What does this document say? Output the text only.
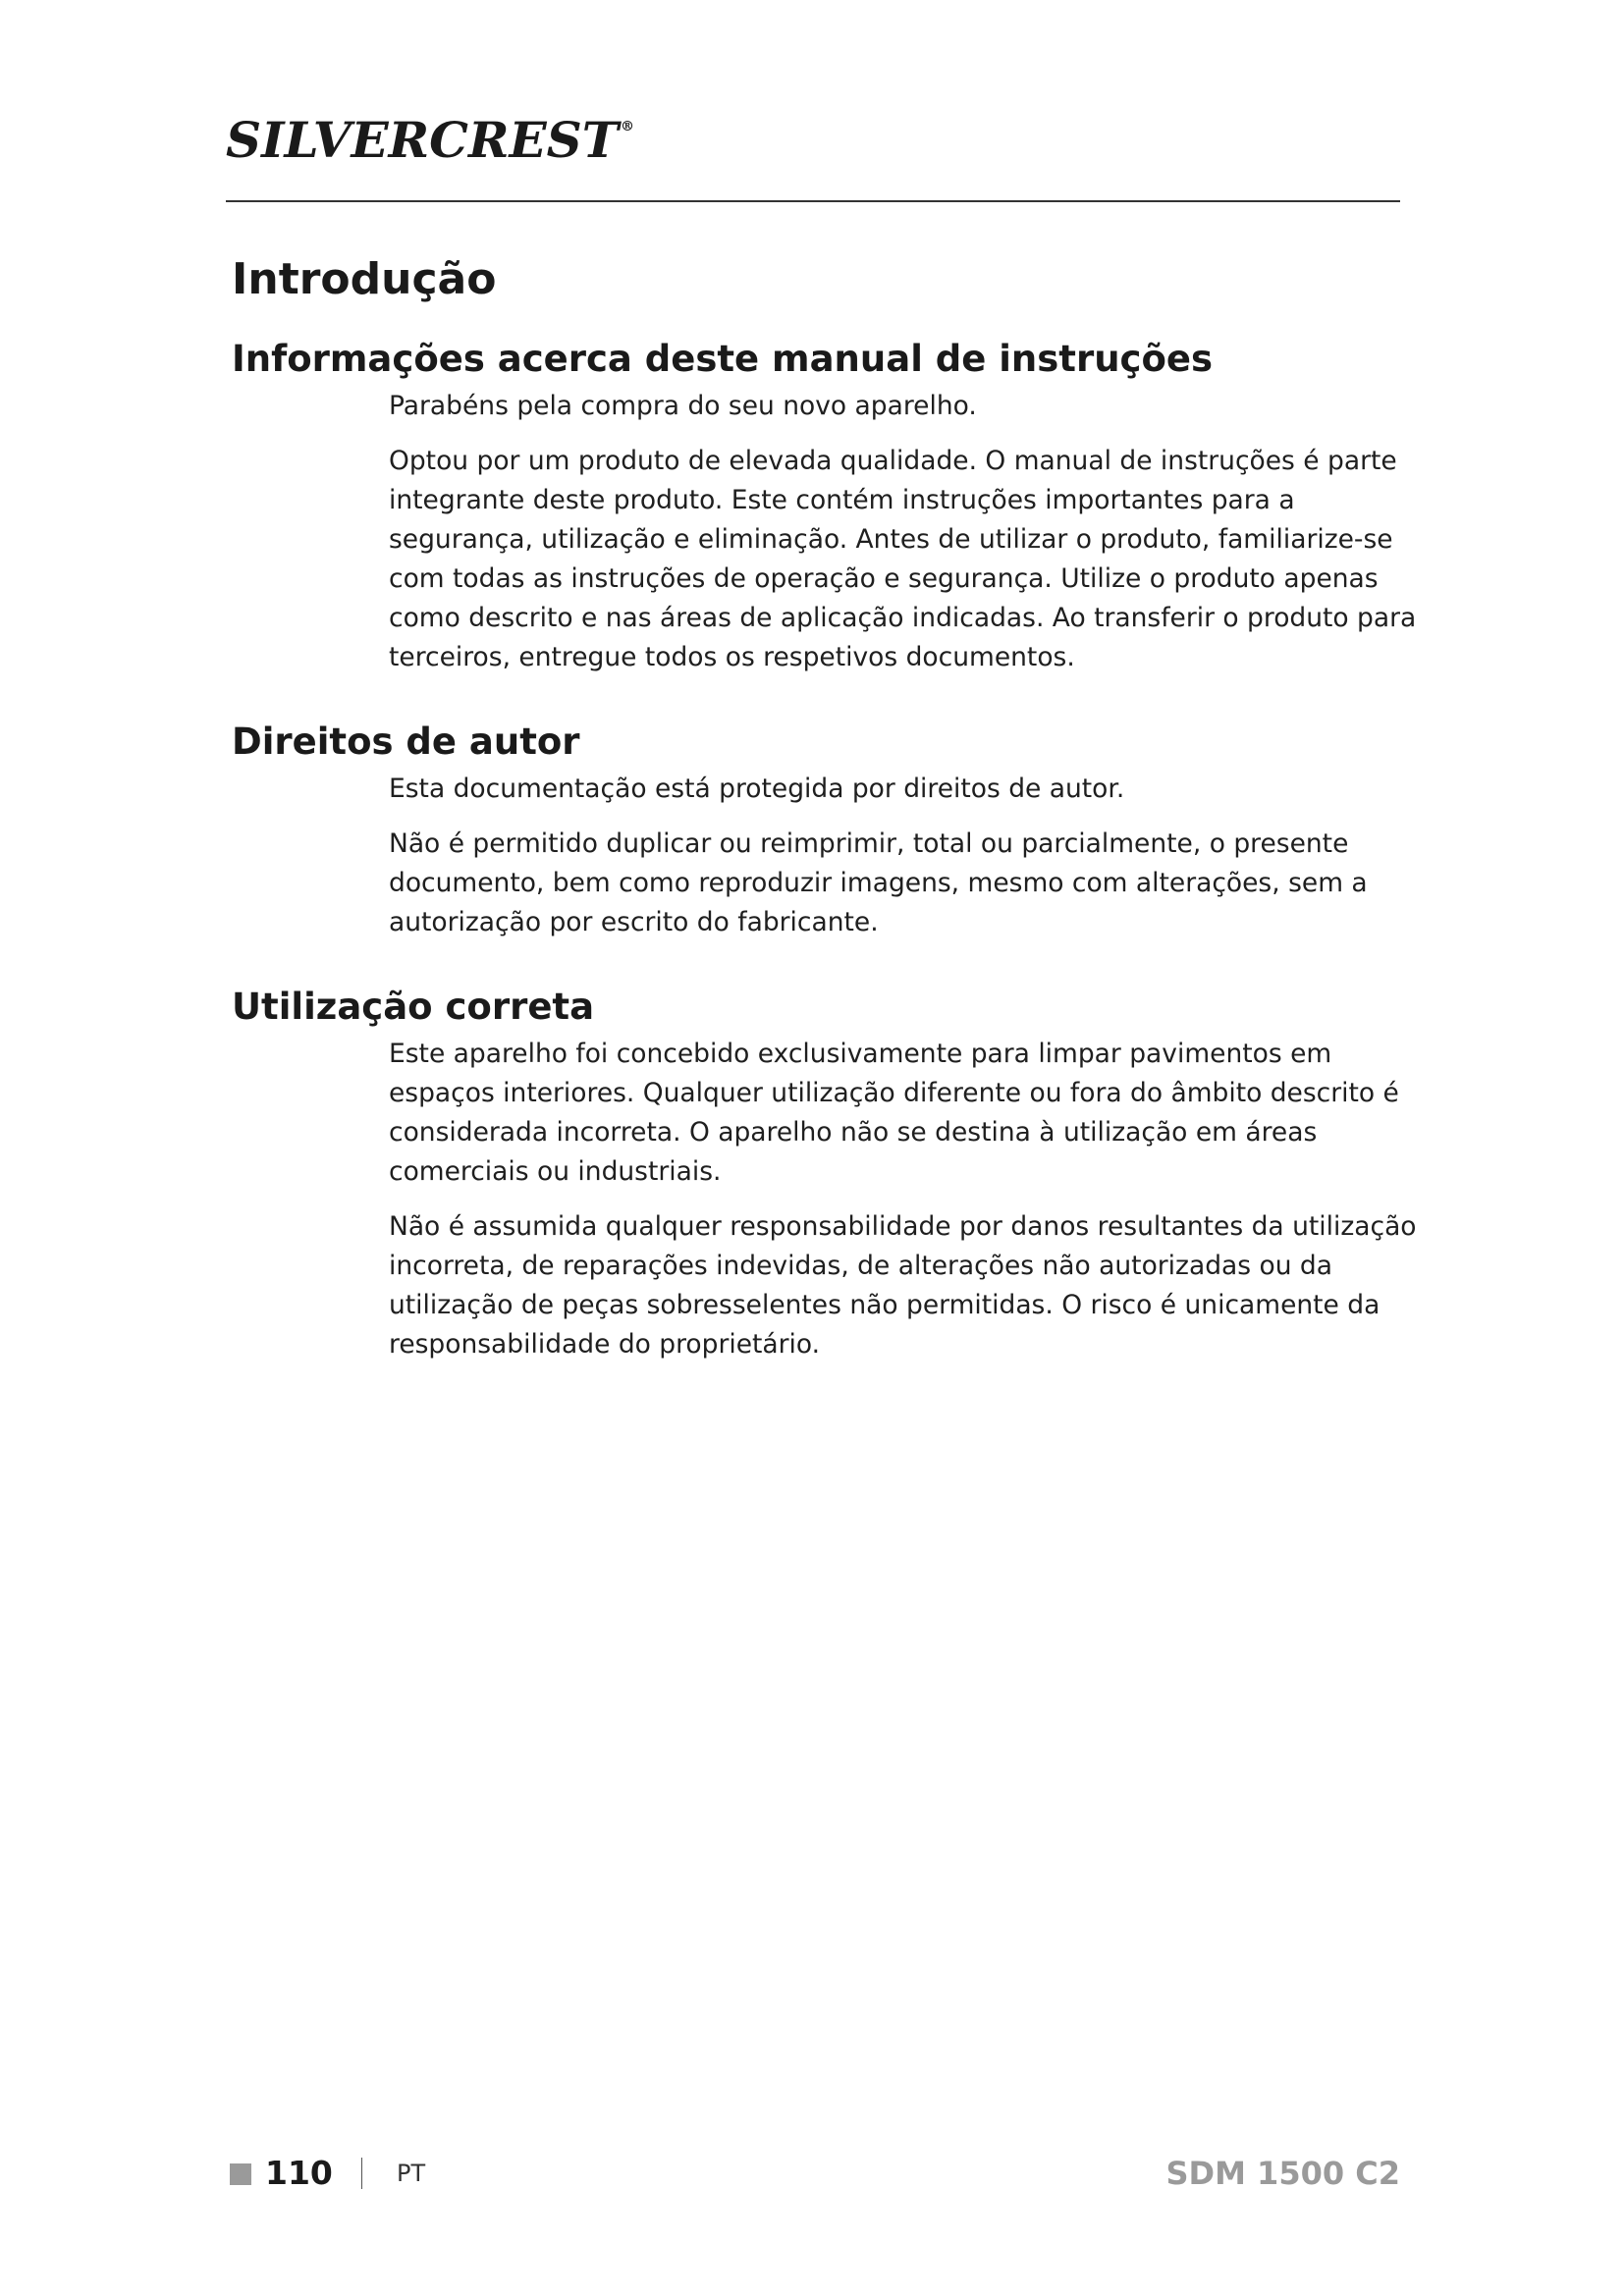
SILVERCREST ®
Introdução
Informações acerca deste manual de instruções

Parabéns pela compra do seu novo aparelho.

Optou por um produto de elevada qualidade. O manual de instruções é parte integrante deste produto. Este contém instruções importantes para a segurança, utilização e eliminação. Antes de utilizar o produto, familiarize-se com todas as instruções de operação e segurança. Utilize o produto apenas como descrito e nas áreas de aplicação indicadas. Ao transferir o produto para terceiros, entregue todos os respetivos documentos.

Direitos de autor

Esta documentação está protegida por direitos de autor.

Não é permitido duplicar ou reimprimir, total ou parcialmente, o presente documento, bem como reproduzir imagens, mesmo com alterações, sem a autorização por escrito do fabricante.

Utilização correta

Este aparelho foi concebido exclusivamente para limpar pavimentos em espaços interiores. Qualquer utilização diferente ou fora do âmbito descrito é considerada incorreta. O aparelho não se destina à utilização em áreas comerciais ou industriais.

Não é assumida qualquer responsabilidade por danos resultantes da utilização incorreta, de reparações indevidas, de alterações não autorizadas ou da utilização de peças sobresselentes não permitidas. O risco é unicamente da responsabilidade do proprietário.

110	PT	SDM 1500 C2
